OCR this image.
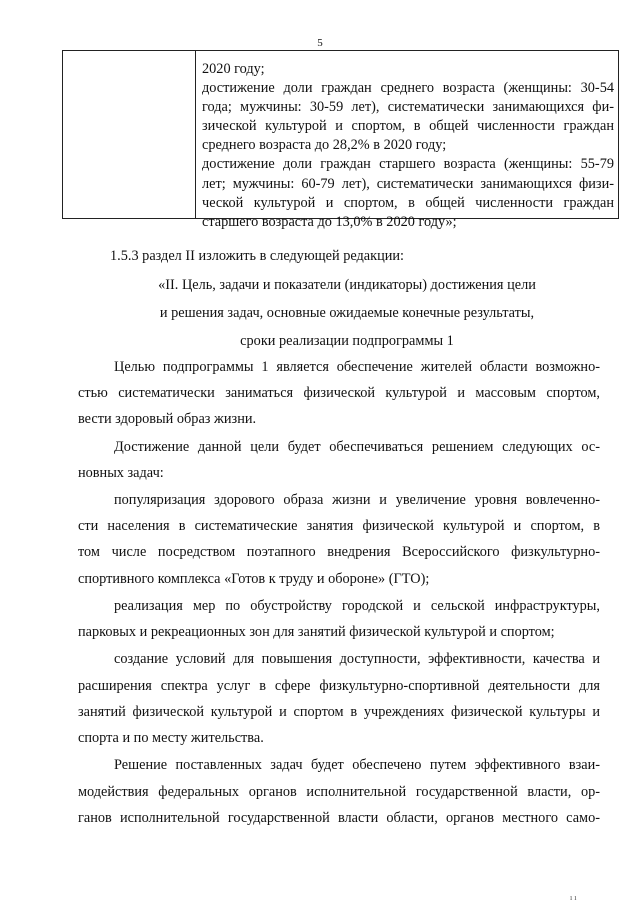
5
2020 году;
достижение доли граждан среднего возраста (женщины: 30-54
года; мужчины: 30-59 лет), систематически занимающихся фи-
зической культурой и спортом, в общей численности граждан
среднего возраста до 28,2% в 2020 году;
достижение доли граждан старшего возраста (женщины: 55-79
лет; мужчины: 60-79 лет), систематически занимающихся физи-
ческой культурой и спортом, в общей численности граждан
старшего возраста до 13,0% в 2020 году»;
1.5.3 раздел II изложить в следующей редакции:
«II. Цель, задачи и показатели (индикаторы) достижения цели
и решения задач, основные ожидаемые конечные результаты,
сроки реализации подпрограммы 1
Целью подпрограммы 1 является обеспечение жителей области возможно-
стью систематически заниматься физической культурой и массовым спортом,
вести здоровый образ жизни.
Достижение данной цели будет обеспечиваться решением следующих ос-
новных задач:
популяризация здорового образа жизни и увеличение уровня вовлеченно-
сти населения в систематические занятия физической культурой и спортом, в
том числе посредством поэтапного внедрения Всероссийского физкультурно-
спортивного комплекса «Готов к труду и обороне» (ГТО);
реализация мер по обустройству городской и сельской инфраструктуры,
парковых и рекреационных зон для занятий физической культурой и спортом;
создание условий для повышения доступности, эффективности, качества и
расширения спектра услуг в сфере физкультурно-спортивной деятельности для
занятий физической культурой и спортом в учреждениях физической культуры и
спорта и по месту жительства.
Решение поставленных задач будет обеспечено путем эффективного взаи-
модействия федеральных органов исполнительной государственной власти, ор-
ганов исполнительной государственной власти области, органов местного само-
ı ı
